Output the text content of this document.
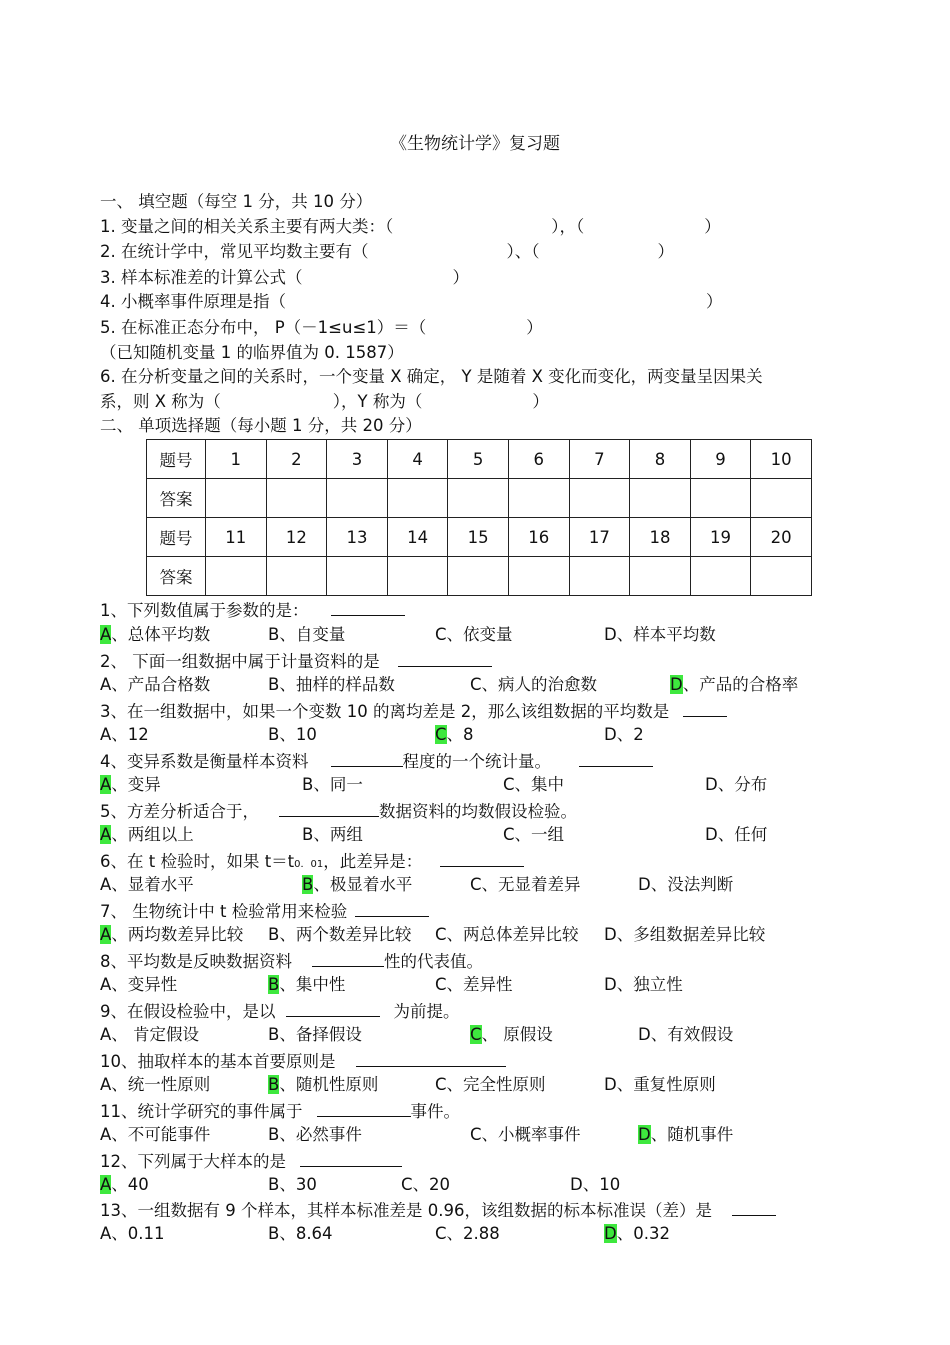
《生物统计学》复习题
一、 填空题（每空 1 分，共 10 分）
1. 变量之间的相关关系主要有两大类：（	），（	）
2. 在统计学中，常见平均数主要有（	）、（	）
3. 样本标准差的计算公式（	）
4. 小概率事件原理是指（	）
5. 在标准正态分布中， P（－1≤u≤1）＝（	）
（已知随机变量 1 的临界值为 0. 1587）
6. 在分析变量之间的关系时，一个变量 X 确定， Y 是随着 X 变化而变化，两变量呈因果关
系，则 X 称为（	），Y 称为（	）
二、 单项选择题（每小题 1 分，共 20 分）
题号	1	2	3	4	5	6	7	8	9	10
答案										
题号	11	12	13	14	15	16	17	18	19	20
答案										
1、下列数值属于参数的是：
A、总体平均数	B、自变量	C、依变量	D、样本平均数
2、 下面一组数据中属于计量资料的是
A、产品合格数	B、抽样的样品数	C、病人的治愈数	D、产品的合格率
3、在一组数据中，如果一个变数 10 的离均差是 2，那么该组数据的平均数是
A、12	B、10	C、8	D、2
4、变异系数是衡量样本资料	程度的一个统计量。
A、变异	B、同一	C、集中	D、分布
5、方差分析适合于，	数据资料的均数假设检验。
A、两组以上	B、两组	C、一组	D、任何
6、在 t 检验时，如果 t＝t0．01，此差异是：
A、显着水平	B、极显着水平	C、无显着差异	D、没法判断
7、 生物统计中 t 检验常用来检验
A、两均数差异比较 B、两个数差异比较 C、两总体差异比较 D、多组数据差异比较
8、平均数是反映数据资料	性的代表值。
A、变异性	B、集中性	C、差异性	D、独立性
9、在假设检验中，是以	为前提。
A、 肯定假设	B、备择假设	C、 原假设	D、有效假设
10、抽取样本的基本首要原则是
A、统一性原则	B、随机性原则	C、完全性原则	D、重复性原则
11、统计学研究的事件属于	事件。
A、不可能事件	B、必然事件	C、小概率事件	D、随机事件
12、下列属于大样本的是
A、40	B、30	C、20	D、10
13、一组数据有 9 个样本，其样本标准差是 0.96，该组数据的标本标准误（差）是
A、0.11	B、8.64	C、2.88	D、0.32
